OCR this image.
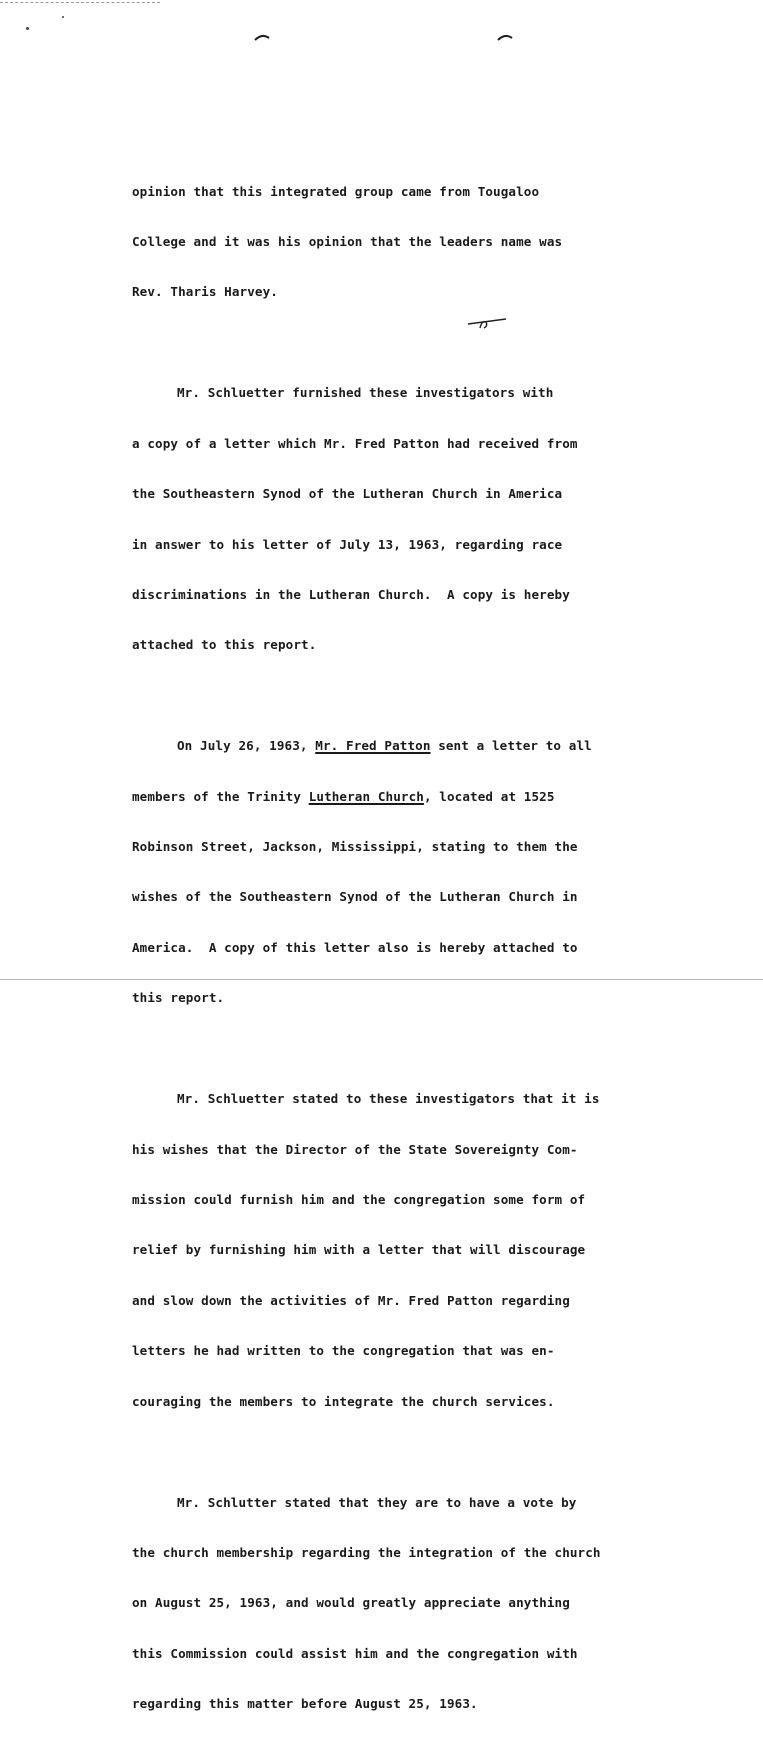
opinion that this integrated group came from Tougaloo

College and it was his opinion that the leaders name was

Rev. Tharis Harvey.

Mr. Schluetter furnished these investigators with

a copy of a letter which Mr. Fred Patton had received from

the Southeastern Synod of the Lutheran Church in America

in answer to his letter of July 13, 1963, regarding race

discriminations in the Lutheran Church.  A copy is hereby

attached to this report.

On July 26, 1963, Mr. Fred Patton sent a letter to all

members of the Trinity Lutheran Church, located at 1525

Robinson Street, Jackson, Mississippi, stating to them the

wishes of the Southeastern Synod of the Lutheran Church in

America.  A copy of this letter also is hereby attached to

this report.

Mr. Schluetter stated to these investigators that it is

his wishes that the Director of the State Sovereignty Com-

mission could furnish him and the congregation some form of

relief by furnishing him with a letter that will discourage

and slow down the activities of Mr. Fred Patton regarding

letters he had written to the congregation that was en-

couraging the members to integrate the church services.

Mr. Schlutter stated that they are to have a vote by

the church membership regarding the integration of the church

on August 25, 1963, and would greatly appreciate anything

this Commission could assist him and the congregation with

regarding this matter before August 25, 1963.
